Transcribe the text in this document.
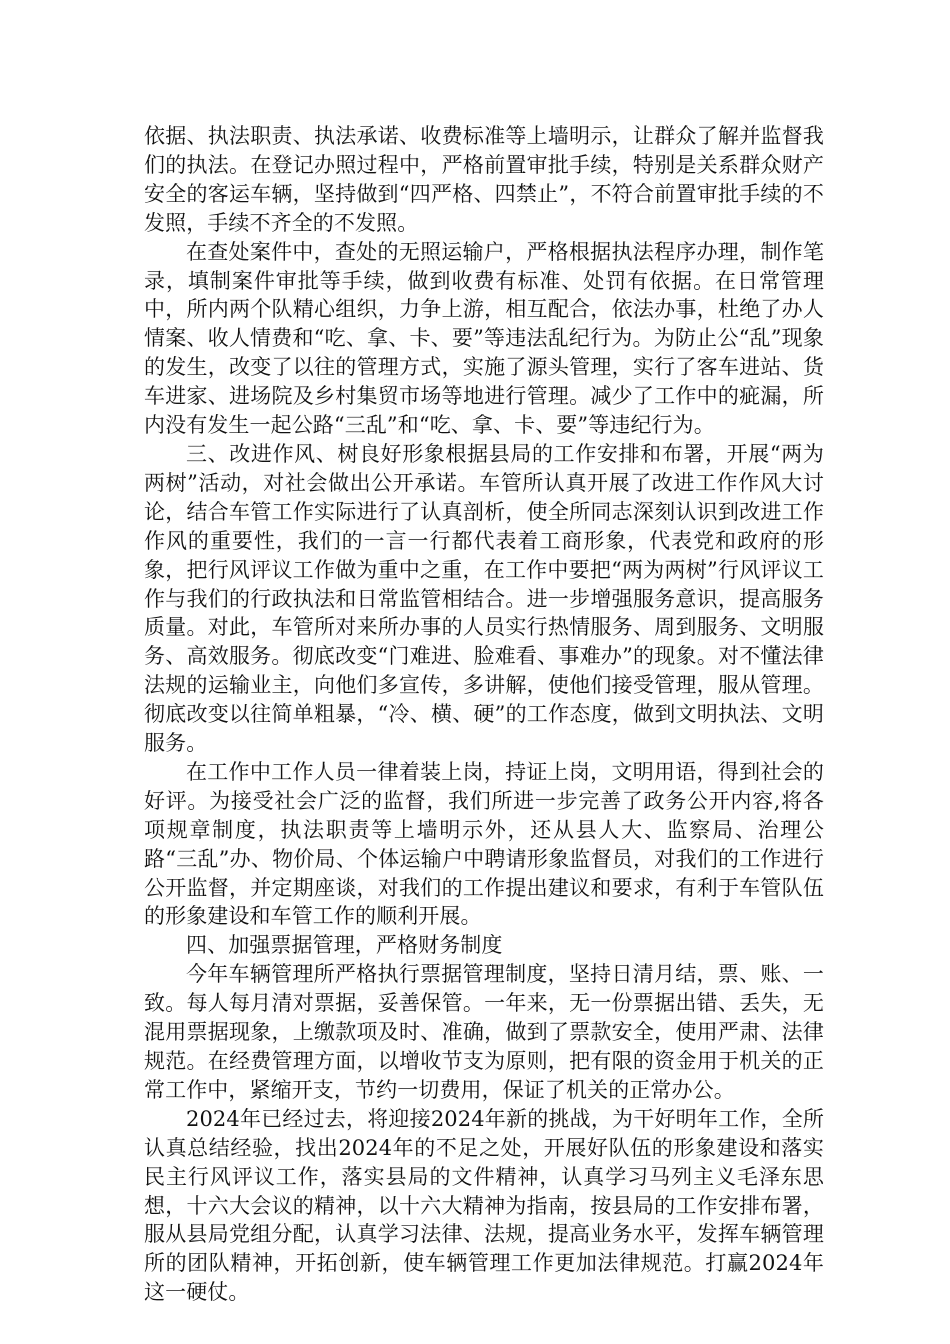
依据、执法职责、执法承诺、收费标准等上墙明示，让群众了解并监督我们的执法。在登记办照过程中，严格前置审批手续，特别是关系群众财产安全的客运车辆，坚持做到“四严格、四禁止”，不符合前置审批手续的不发照，手续不齐全的不发照。

在查处案件中，查处的无照运输户，严格根据执法程序办理，制作笔录，填制案件审批等手续，做到收费有标准、处罚有依据。在日常管理中，所内两个队精心组织，力争上游，相互配合，依法办事，杜绝了办人情案、收人情费和“吃、拿、卡、要”等违法乱纪行为。为防止公“乱”现象的发生，改变了以往的管理方式，实施了源头管理，实行了客车进站、货车进家、进场院及乡村集贸市场等地进行管理。减少了工作中的疵漏，所内没有发生一起公路“三乱”和“吃、拿、卡、要”等违纪行为。

三、改进作风、树良好形象根据县局的工作安排和布署，开展“两为两树”活动，对社会做出公开承诺。车管所认真开展了改进工作作风大讨论，结合车管工作实际进行了认真剖析，使全所同志深刻认识到改进工作作风的重要性，我们的一言一行都代表着工商形象，代表党和政府的形象，把行风评议工作做为重中之重，在工作中要把“两为两树”行风评议工作与我们的行政执法和日常监管相结合。进一步增强服务意识，提高服务质量。对此，车管所对来所办事的人员实行热情服务、周到服务、文明服务、高效服务。彻底改变“门难进、脸难看、事难办”的现象。对不懂法律法规的运输业主，向他们多宣传，多讲解，使他们接受管理，服从管理。彻底改变以往简单粗暴，“冷、横、硬”的工作态度，做到文明执法、文明服务。

在工作中工作人员一律着装上岗，持证上岗，文明用语，得到社会的好评。为接受社会广泛的监督，我们所进一步完善了政务公开内容,将各项规章制度，执法职责等上墙明示外，还从县人大、监察局、治理公路“三乱”办、物价局、个体运输户中聘请形象监督员，对我们的工作进行公开监督，并定期座谈，对我们的工作提出建议和要求，有利于车管队伍的形象建设和车管工作的顺利开展。

四、加强票据管理，严格财务制度

今年车辆管理所严格执行票据管理制度，坚持日清月结，票、账、一致。每人每月清对票据，妥善保管。一年来，无一份票据出错、丢失，无混用票据现象，上缴款项及时、准确，做到了票款安全，使用严肃、法律规范。在经费管理方面，以增收节支为原则，把有限的资金用于机关的正常工作中，紧缩开支，节约一切费用，保证了机关的正常办公。

2024年已经过去，将迎接2024年新的挑战，为干好明年工作，全所认真总结经验，找出2024年的不足之处，开展好队伍的形象建设和落实民主行风评议工作，落实县局的文件精神，认真学习马列主义毛泽东思想，十六大会议的精神，以十六大精神为指南，按县局的工作安排布署，服从县局党组分配，认真学习法律、法规，提高业务水平，发挥车辆管理所的团队精神，开拓创新，使车辆管理工作更加法律规范。打赢2024年这一硬仗。
